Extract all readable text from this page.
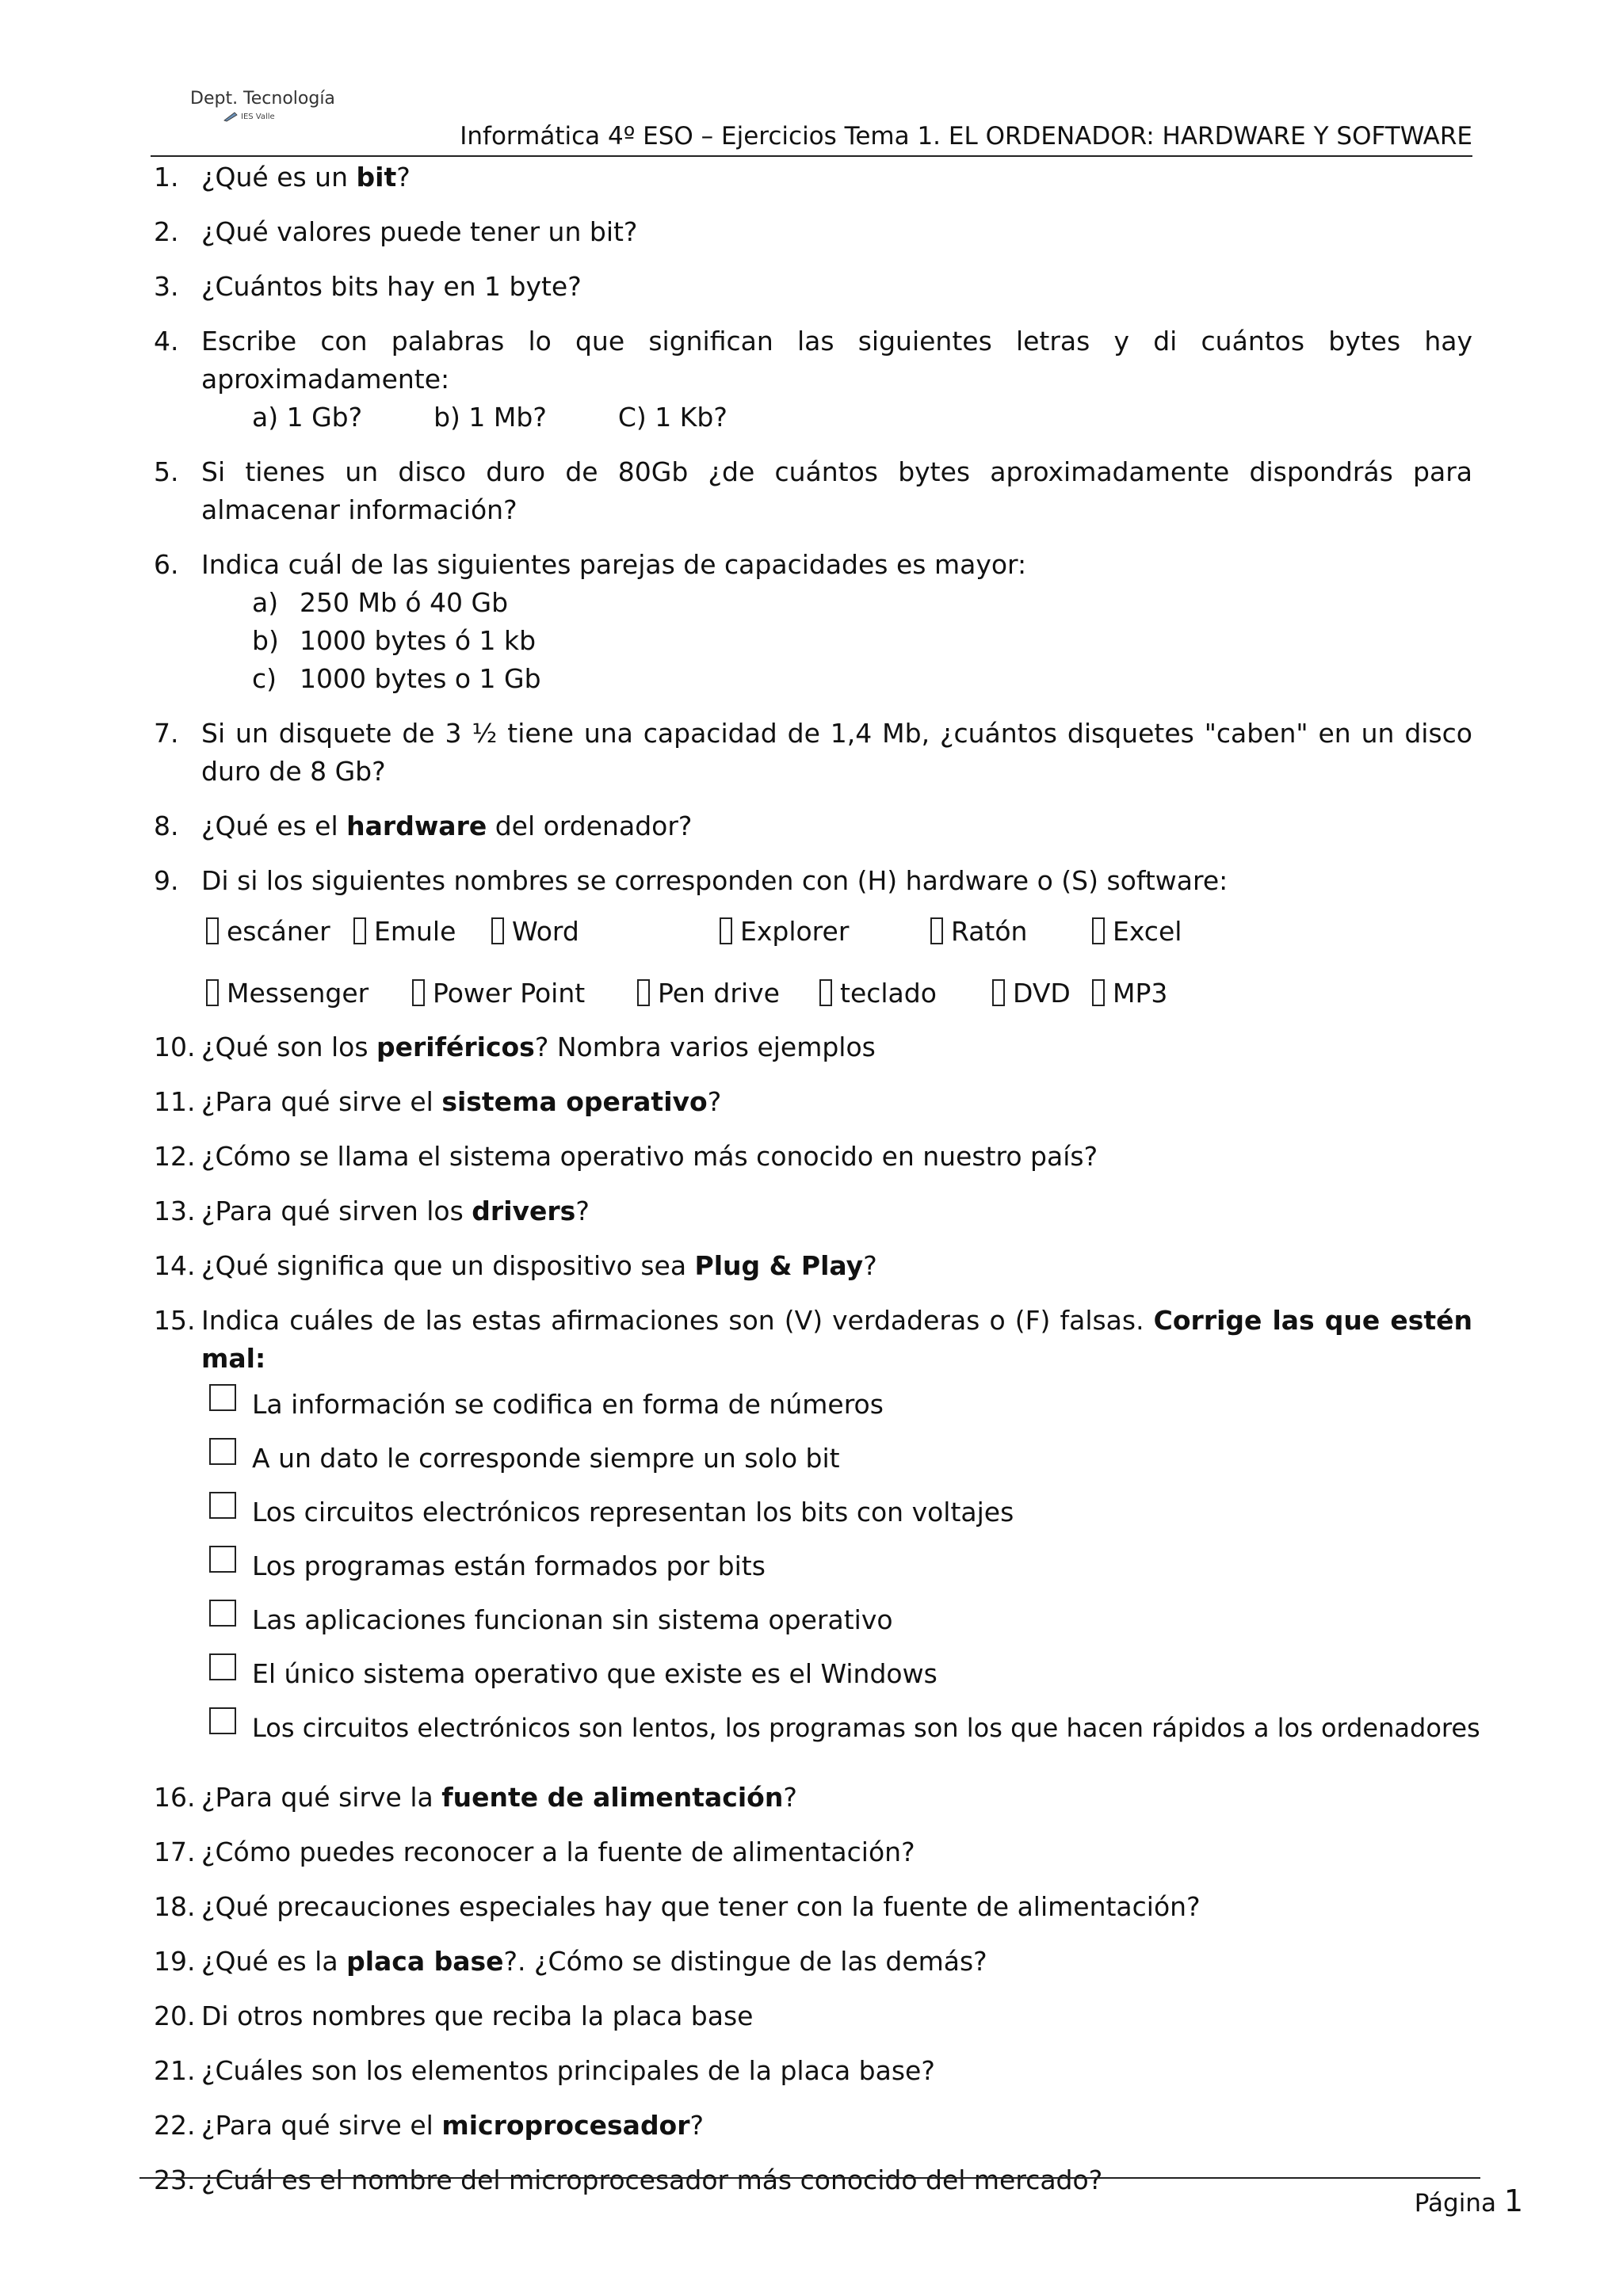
Dept. Tecnología
IES Valle
Informática 4º ESO – Ejercicios Tema 1. EL ORDENADOR: HARDWARE Y SOFTWARE
1. ¿Qué es un bit?
2. ¿Qué valores puede tener un bit?
3. ¿Cuántos bits hay en 1 byte?
4. Escribe con palabras lo que significan las siguientes letras y di cuántos bytes hay aproximadamente:
a) 1 Gb?	b) 1 Mb?	C) 1 Kb?
5. Si tienes un disco duro de 80Gb ¿de cuántos bytes aproximadamente dispondrás para almacenar información?
6. Indica cuál de las siguientes parejas de capacidades es mayor:
a) 250 Mb ó 40 Gb
b) 1000 bytes ó 1 kb
c) 1000 bytes o 1 Gb
7. Si un disquete de 3 ½ tiene una capacidad de 1,4 Mb, ¿cuántos disquetes "caben" en un disco duro de 8 Gb?
8. ¿Qué es el hardware del ordenador?
9. Di si los siguientes nombres se corresponden con (H) hardware o (S) software:
escáner	Emule	Word	Explorer	Ratón	Excel
Messenger	Power Point	Pen drive	teclado	DVD	MP3
10. ¿Qué son los periféricos? Nombra varios ejemplos
11. ¿Para qué sirve el sistema operativo?
12. ¿Cómo se llama el sistema operativo más conocido en nuestro país?
13. ¿Para qué sirven los drivers?
14. ¿Qué significa que un dispositivo sea Plug & Play?
15. Indica cuáles de las estas afirmaciones son (V) verdaderas o (F) falsas. Corrige las que estén mal:
La información se codifica en forma de números
A un dato le corresponde siempre un solo bit
Los circuitos electrónicos representan los bits con voltajes
Los programas están formados por bits
Las aplicaciones funcionan sin sistema operativo
El único sistema operativo que existe es el Windows
Los circuitos electrónicos son lentos, los programas son los que hacen rápidos a los ordenadores
16. ¿Para qué sirve la fuente de alimentación?
17. ¿Cómo puedes reconocer a la fuente de alimentación?
18. ¿Qué precauciones especiales hay que tener con la fuente de alimentación?
19. ¿Qué es la placa base?. ¿Cómo se distingue de las demás?
20. Di otros nombres que reciba la placa base
21. ¿Cuáles son los elementos principales de la placa base?
22. ¿Para qué sirve el microprocesador?
23. ¿Cuál es el nombre del microprocesador más conocido del mercado?
Página 1
